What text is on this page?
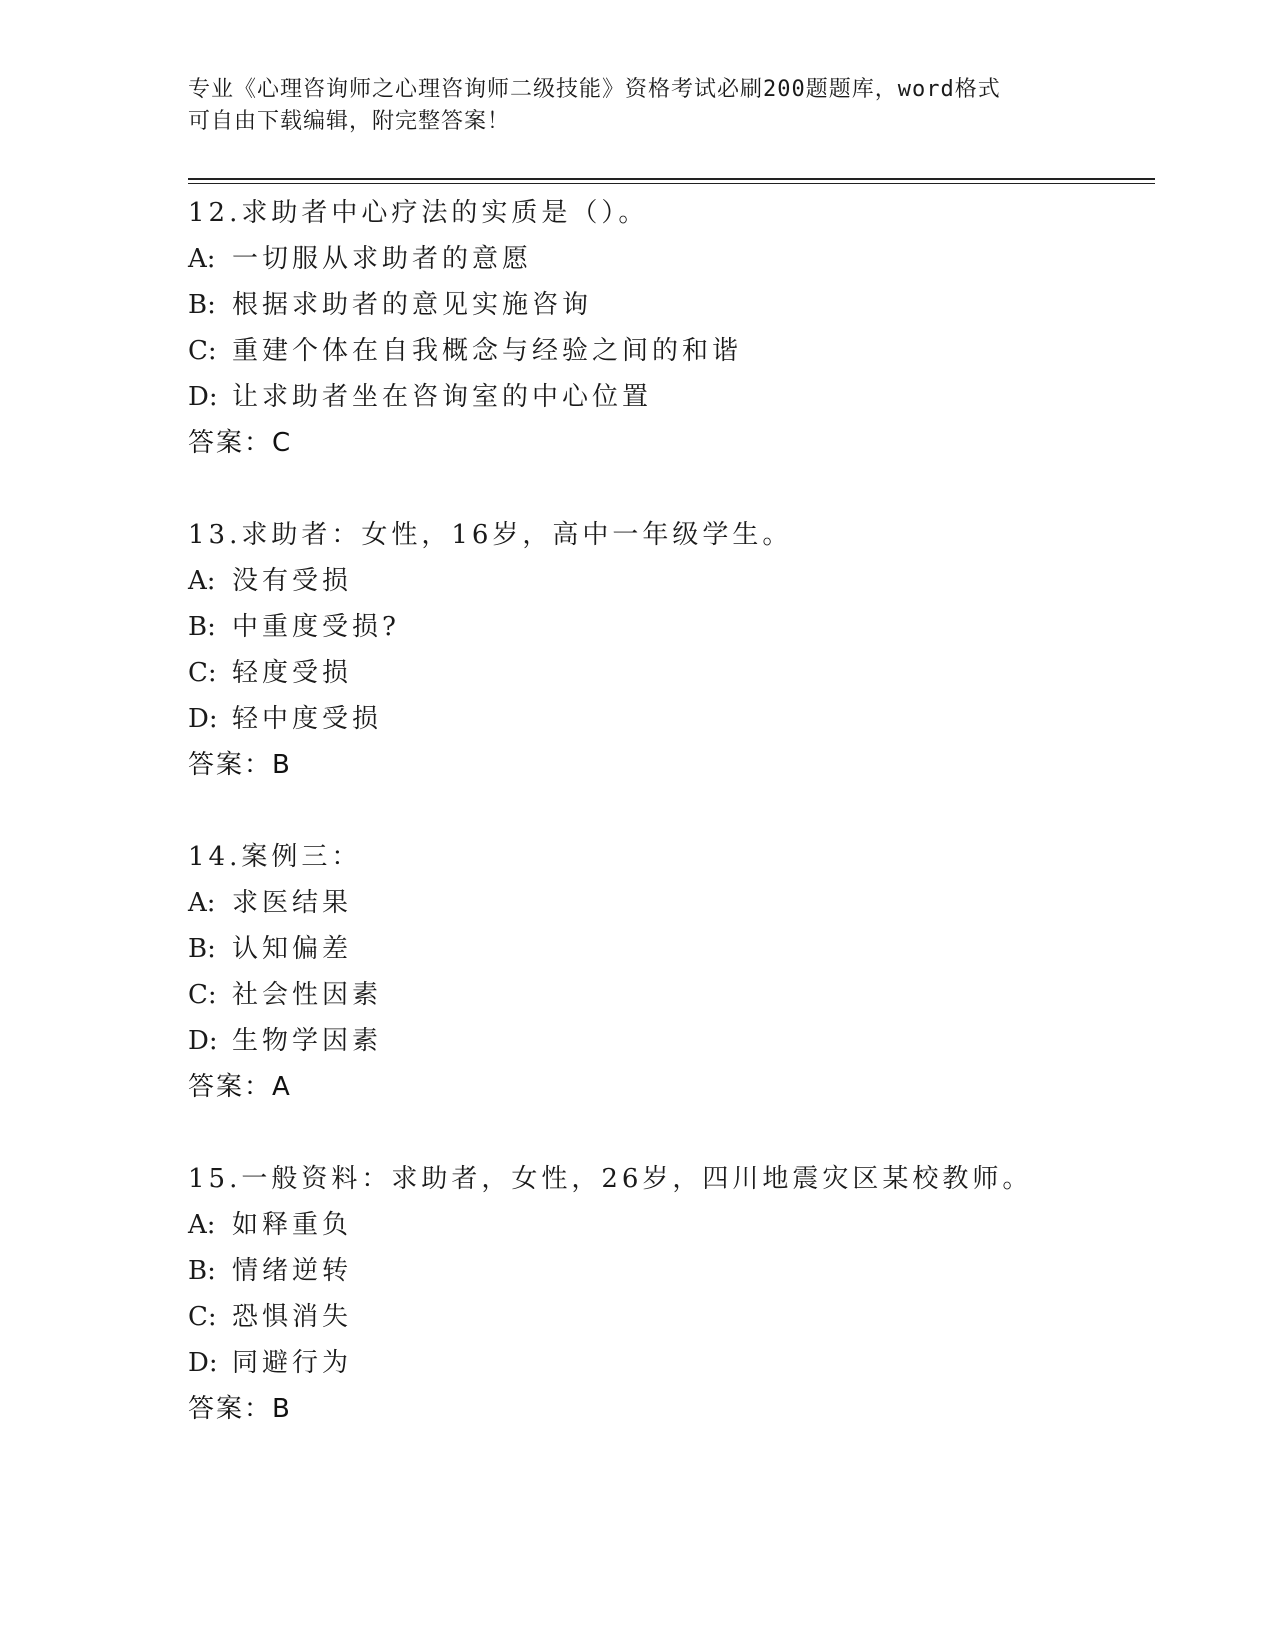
专业《心理咨询师之心理咨询师二级技能》资格考试必刷200题题库，word格式
可自由下载编辑，附完整答案！
12.求助者中心疗法的实质是（）。
A: 一切服从求助者的意愿
B: 根据求助者的意见实施咨询
C: 重建个体在自我概念与经验之间的和谐
D: 让求助者坐在咨询室的中心位置
答案：C
13.求助者：女性，16岁，高中一年级学生。
A: 没有受损
B: 中重度受损?
C: 轻度受损
D: 轻中度受损
答案：B
14.案例三：
A: 求医结果
B: 认知偏差
C: 社会性因素
D: 生物学因素
答案：A
15.一般资料：求助者，女性，26岁，四川地震灾区某校教师。
A: 如释重负
B: 情绪逆转
C: 恐惧消失
D: 同避行为
答案：B
